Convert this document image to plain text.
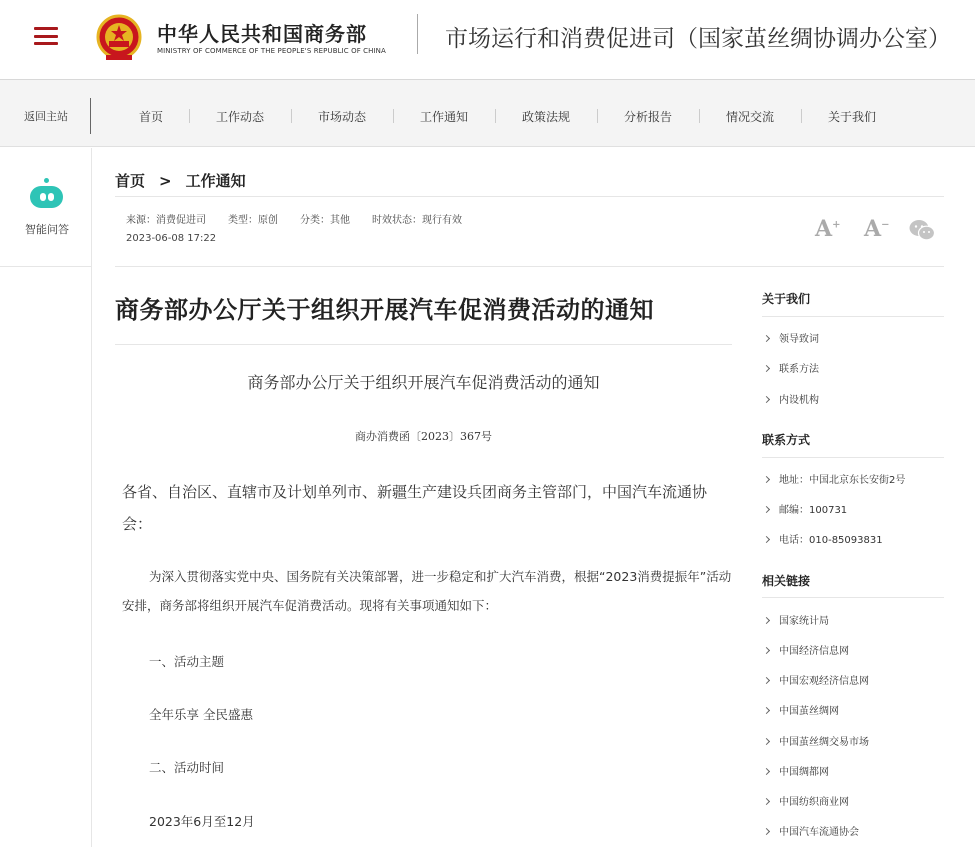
中华人民共和国商务部
MINISTRY OF COMMERCE OF THE PEOPLE'S REPUBLIC OF CHINA	市场运行和消费促进司（国家茧丝绸协调办公室）
返回主站	首页	工作动态	市场动态	工作通知	政策法规	分析报告	情况交流	关于我们
智能问答
首页 > 工作通知
来源：消费促进司 类型：原创 分类：其他 时效状态：现行有效
2023-06-08 17:22	A+ A−
商务部办公厅关于组织开展汽车促消费活动的通知
商务部办公厅关于组织开展汽车促消费活动的通知
商办消费函〔2023〕367号
各省、自治区、直辖市及计划单列市、新疆生产建设兵团商务主管部门，中国汽车流通协会：
为深入贯彻落实党中央、国务院有关决策部署，进一步稳定和扩大汽车消费，根据“2023消费提振年”活动安排，商务部将组织开展汽车促消费活动。现将有关事项通知如下：
一、活动主题
全年乐享 全民盛惠
二、活动时间
2023年6月至12月
关于我们
领导致词
联系方法
内设机构
联系方式
地址：中国北京东长安街2号
邮编：100731
电话：010-85093831
相关链接
国家统计局
中国经济信息网
中国宏观经济信息网
中国茧丝绸网
中国茧丝绸交易市场
中国绸都网
中国纺织商业网
中国汽车流通协会
